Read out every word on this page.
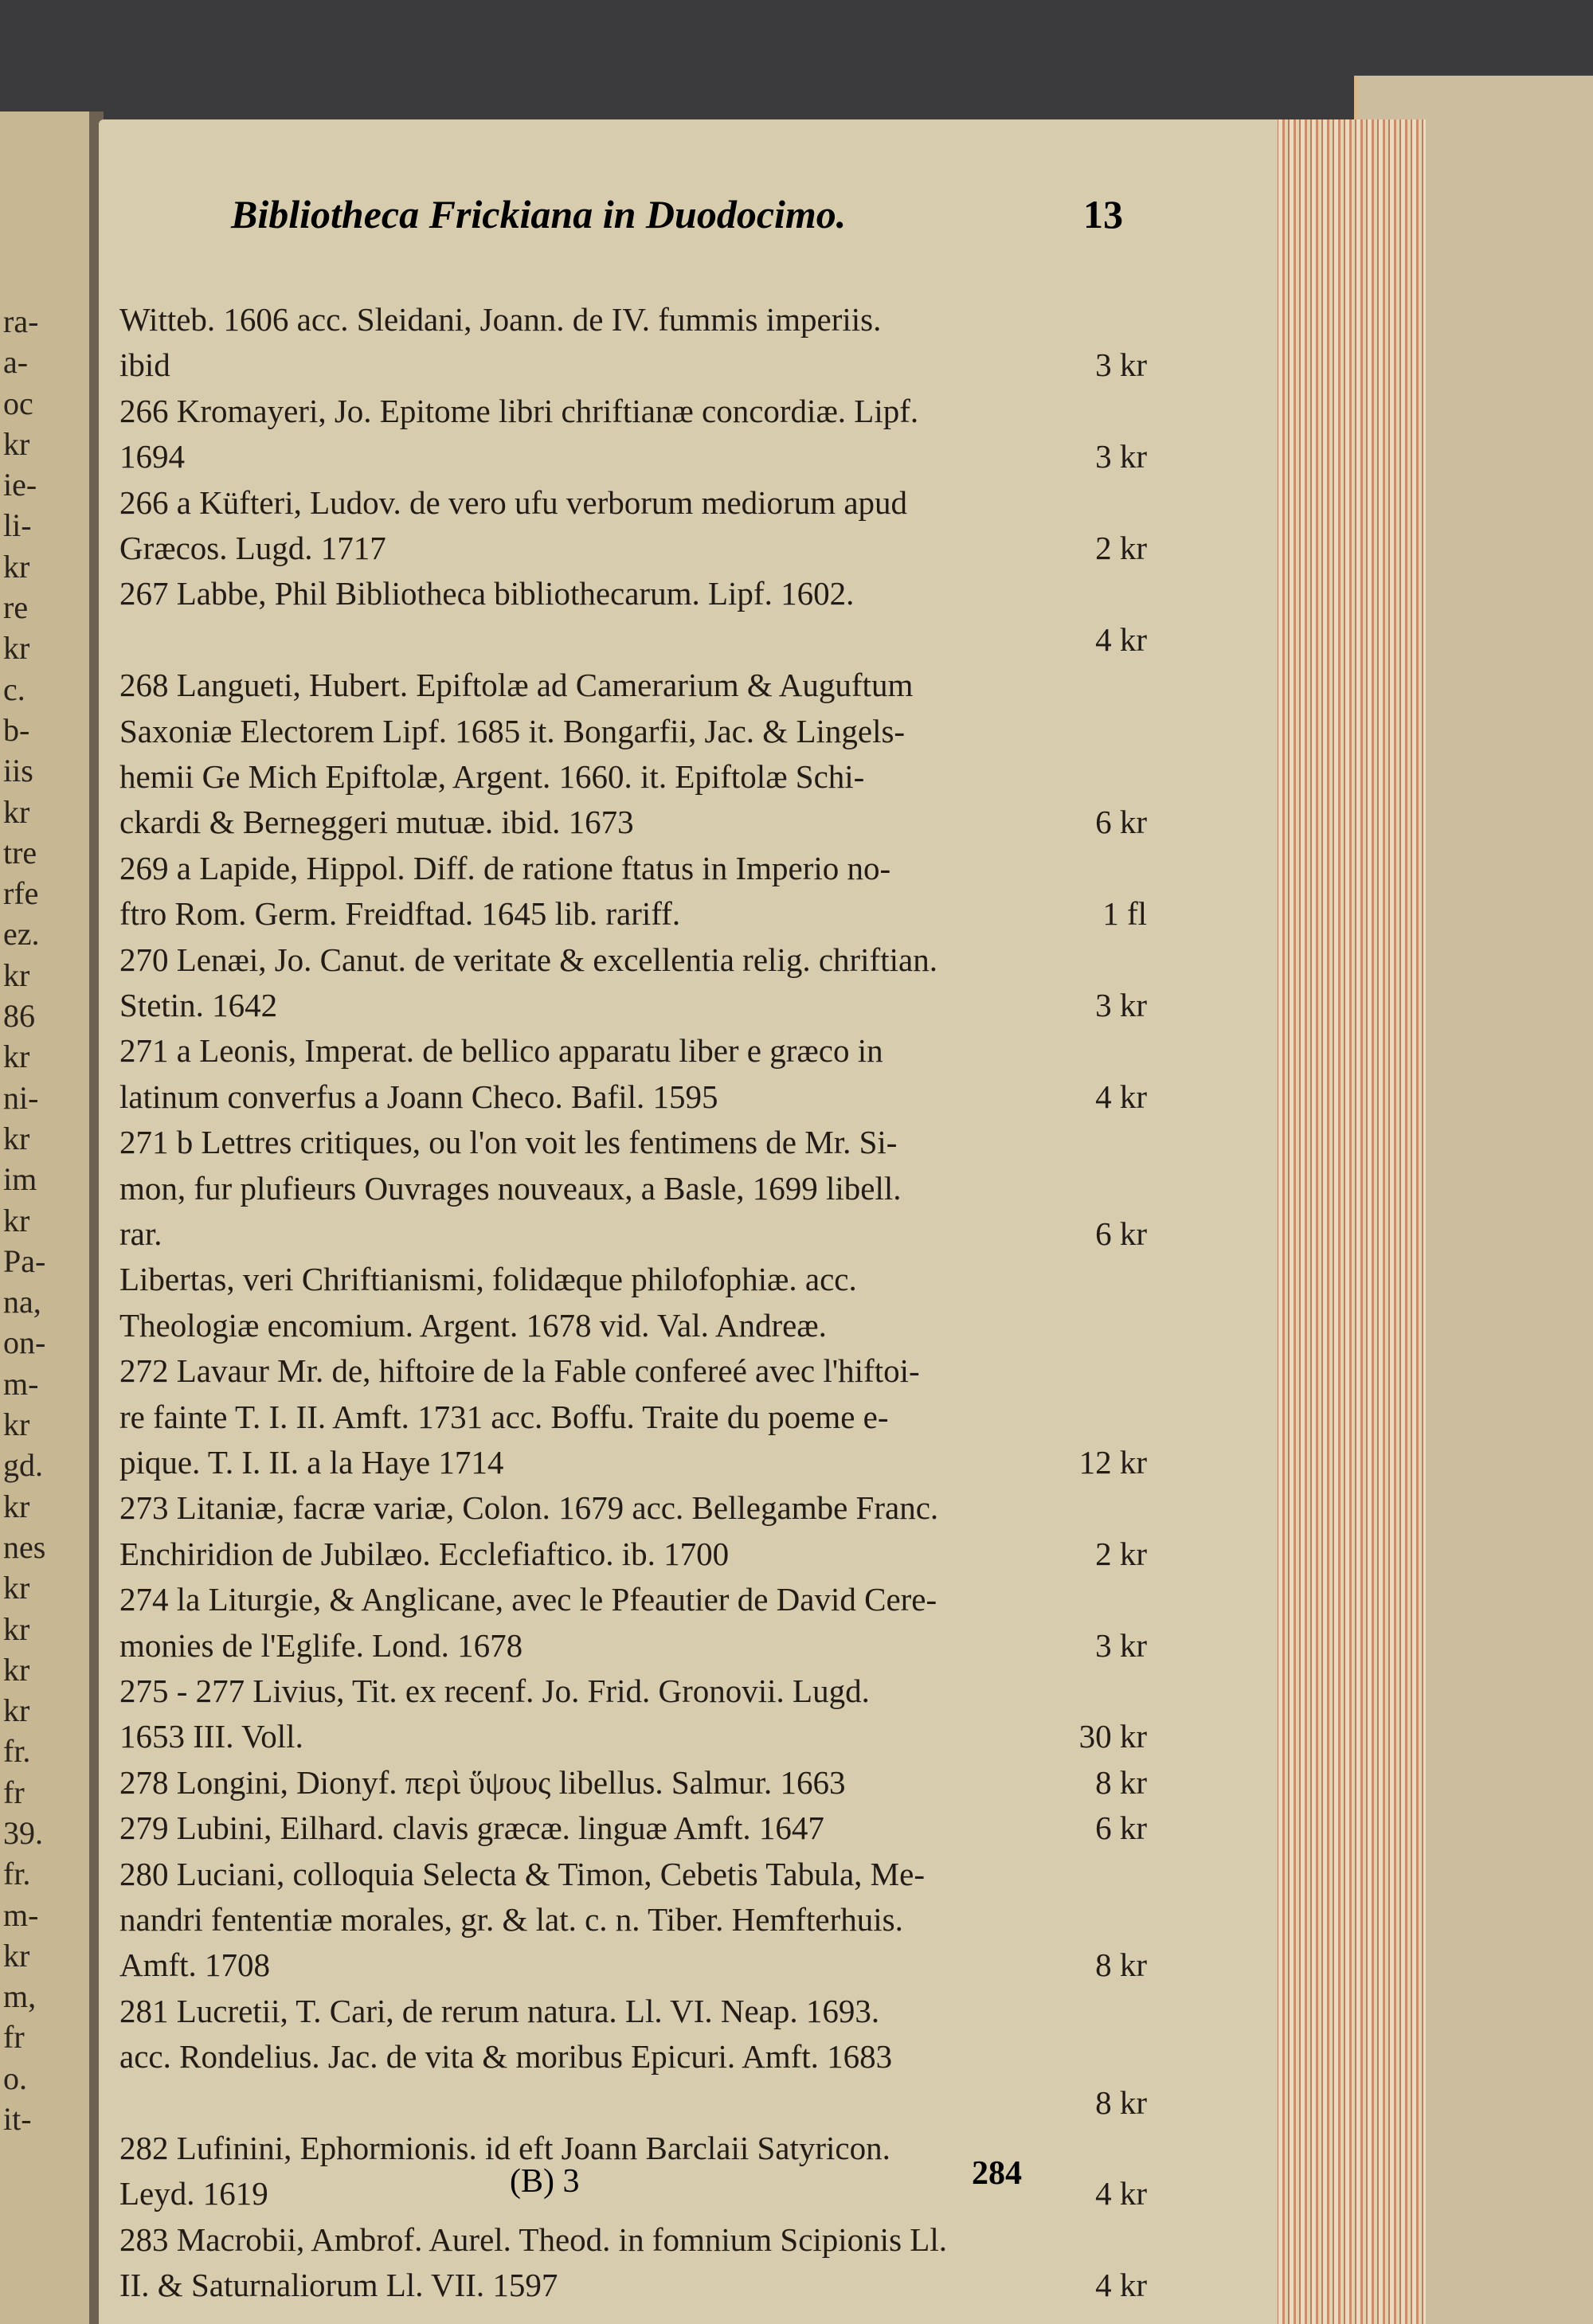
ra-
a-
oc
kr
ie-
li-
kr
re
kr
c.
b-
iis
kr
tre
rfe
ez.
kr
86
kr
ni-
kr
im
kr
Pa-
na,
on-
m-
kr
gd.
kr
nes
kr
kr
kr
kr
fr.
fr
39.
fr.
m-
kr
m,
fr
o.
it-
Bibliotheca Frickiana in Duodocimo.	13
Witteb. 1606 acc. Sleidani, Joann. de IV. fummis imperiis.
ibid	3 kr
266 Kromayeri, Jo. Epitome libri chriftianæ concordiæ. Lipf.
1694	3 kr
266 a Küfteri, Ludov. de vero ufu verborum mediorum apud
Græcos. Lugd. 1717	2 kr
267 Labbe, Phil Bibliotheca bibliothecarum. Lipf. 1602.
4 kr
268 Langueti, Hubert. Epiftolæ ad Camerarium & Auguftum
Saxoniæ Electorem Lipf. 1685 it. Bongarfii, Jac. & Lingels-
hemii Ge Mich Epiftolæ, Argent. 1660. it. Epiftolæ Schi-
ckardi & Berneggeri mutuæ. ibid. 1673	6 kr
269 a Lapide, Hippol. Diff. de ratione ftatus in Imperio no-
ftro Rom. Germ. Freidftad. 1645 lib. rariff.	1 fl
270 Lenæi, Jo. Canut. de veritate & excellentia relig. chriftian.
Stetin. 1642	3 kr
271 a Leonis, Imperat. de bellico apparatu liber e græco in
latinum converfus a Joann Checo. Bafil. 1595	4 kr
271 b Lettres critiques, ou l'on voit les fentimens de Mr. Si-
mon, fur plufieurs Ouvrages nouveaux, a Basle, 1699 libell.
rar.	6 kr
Libertas, veri Chriftianismi, folidæque philofophiæ. acc.
Theologiæ encomium. Argent. 1678 vid. Val. Andreæ.
272 Lavaur Mr. de, hiftoire de la Fable confereé avec l'hiftoi-
re fainte T. I. II. Amft. 1731 acc. Boffu. Traite du poeme e-
pique. T. I. II. a la Haye 1714	12 kr
273 Litaniæ, facræ variæ, Colon. 1679 acc. Bellegambe Franc.
Enchiridion de Jubilæo. Ecclefiaftico. ib. 1700	2 kr
274 la Liturgie, & Anglicane, avec le Pfeautier de David Cere-
monies de l'Eglife. Lond. 1678	3 kr
275 - 277 Livius, Tit. ex recenf. Jo. Frid. Gronovii. Lugd.
1653 III. Voll.	30 kr
278 Longini, Dionyf. περὶ ὕψους libellus. Salmur. 1663	8 kr
279 Lubini, Eilhard. clavis græcæ. linguæ Amft. 1647	6 kr
280 Luciani, colloquia Selecta & Timon, Cebetis Tabula, Me-
nandri fententiæ morales, gr. & lat. c. n. Tiber. Hemfterhuis.
Amft. 1708	8 kr
281 Lucretii, T. Cari, de rerum natura. Ll. VI. Neap. 1693.
acc. Rondelius. Jac. de vita & moribus Epicuri. Amft. 1683
8 kr
282 Lufinini, Ephormionis. id eft Joann Barclaii Satyricon.
Leyd. 1619	4 kr
283 Macrobii, Ambrof. Aurel. Theod. in fomnium Scipionis Ll.
II. & Saturnaliorum Ll. VII. 1597	4 kr
(B) 3	284
